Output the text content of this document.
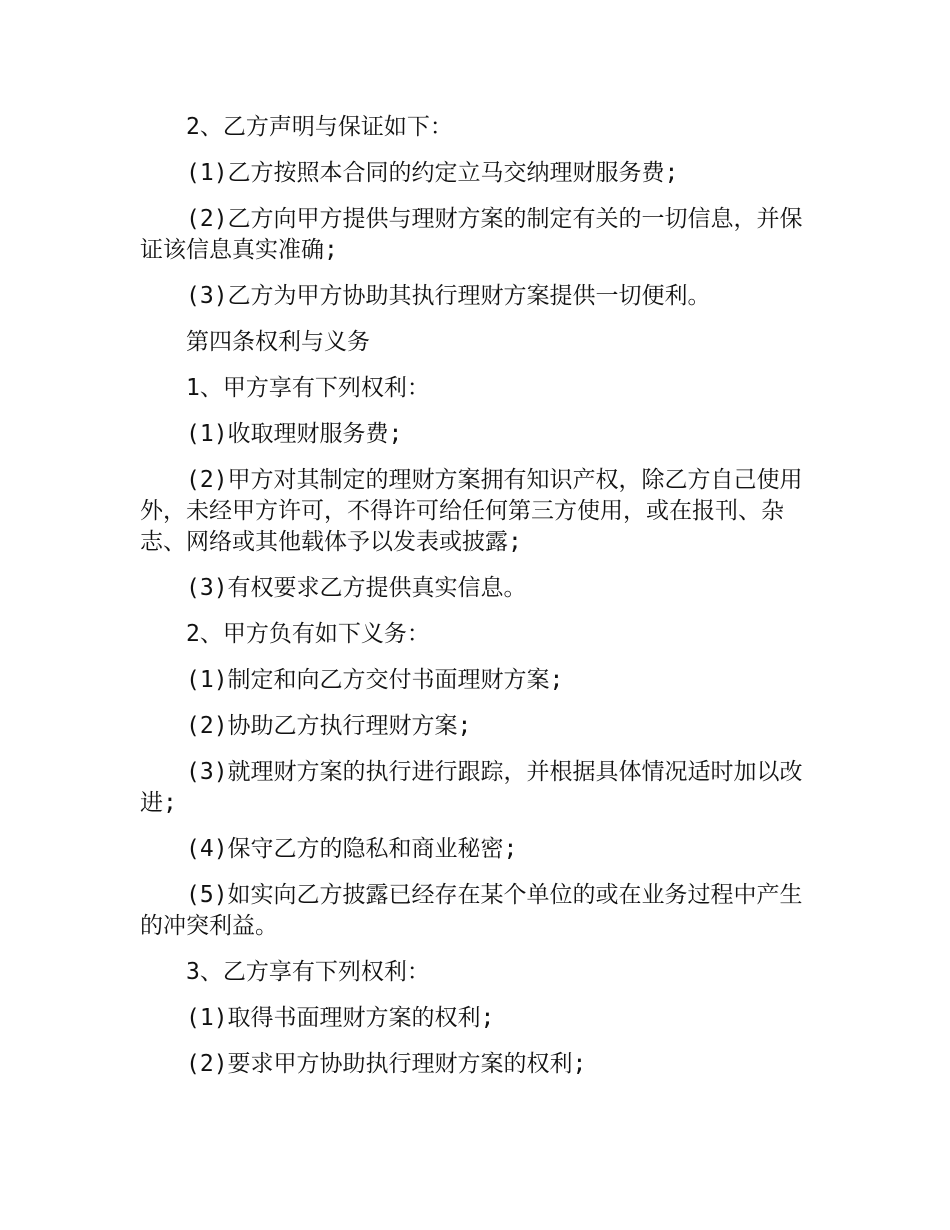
2、乙方声明与保证如下：

(1)乙方按照本合同的约定立马交纳理财服务费;

(2)乙方向甲方提供与理财方案的制定有关的一切信息，并保证该信息真实准确;

(3)乙方为甲方协助其执行理财方案提供一切便利。

第四条权利与义务

1、甲方享有下列权利：

(1)收取理财服务费;

(2)甲方对其制定的理财方案拥有知识产权，除乙方自己使用外，未经甲方许可，不得许可给任何第三方使用，或在报刊、杂志、网络或其他载体予以发表或披露;

(3)有权要求乙方提供真实信息。

2、甲方负有如下义务：

(1)制定和向乙方交付书面理财方案;

(2)协助乙方执行理财方案;

(3)就理财方案的执行进行跟踪，并根据具体情况适时加以改进;

(4)保守乙方的隐私和商业秘密;

(5)如实向乙方披露已经存在某个单位的或在业务过程中产生的冲突利益。

3、乙方享有下列权利：

(1)取得书面理财方案的权利;

(2)要求甲方协助执行理财方案的权利;
